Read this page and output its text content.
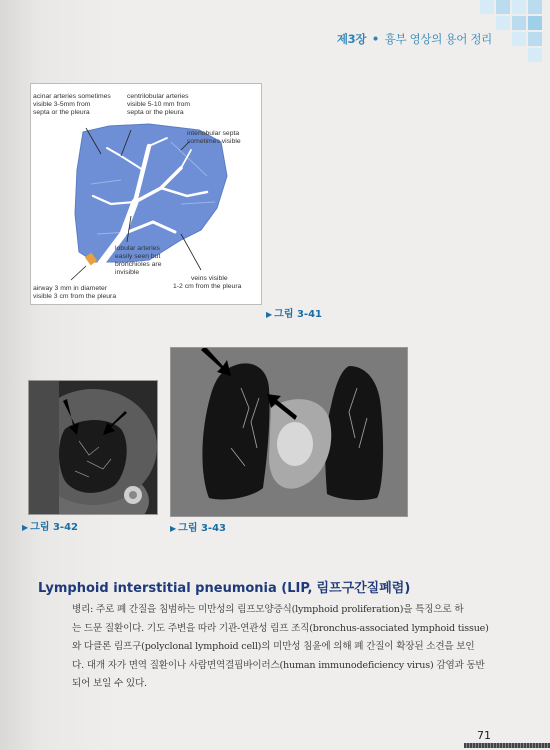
제3장 • 흉부 영상의 용어 정리
acinar arteries sometimes
visible 3-5mm from
septa or the pleura
centrilobular arteries
visible 5-10 mm from
septa or the pleura
interlobular septa
sometimes visible
lobular arteries
easily seen but
bronchioles are
invisible
airway 3 mm in diameter
visible 3 cm from the pleura
veins visible
1-2 cm from the pleura
▶ 그림 3-41
▶ 그림 3-42	▶ 그림 3-43
Lymphoid interstitial pneumonia (LIP, 림프구간질폐렴)
병리: 주로 폐 간질을 침범하는 미만성의 림프모양증식(lymphoid proliferation)을 특징으로 하
는 드문 질환이다. 기도 주변을 따라 기관-연관성 림프 조직(bronchus-associated lymphoid tissue)
와 다클론 림프구(polyclonal lymphoid cell)의 미만성 침윤에 의해 폐 간질이 확장된 소견을 보인
다. 대개 자가 면역 질환이나 사람면역결핍바이러스(human immunodeficiency virus) 감염과 동반
되어 보일 수 있다.
71
